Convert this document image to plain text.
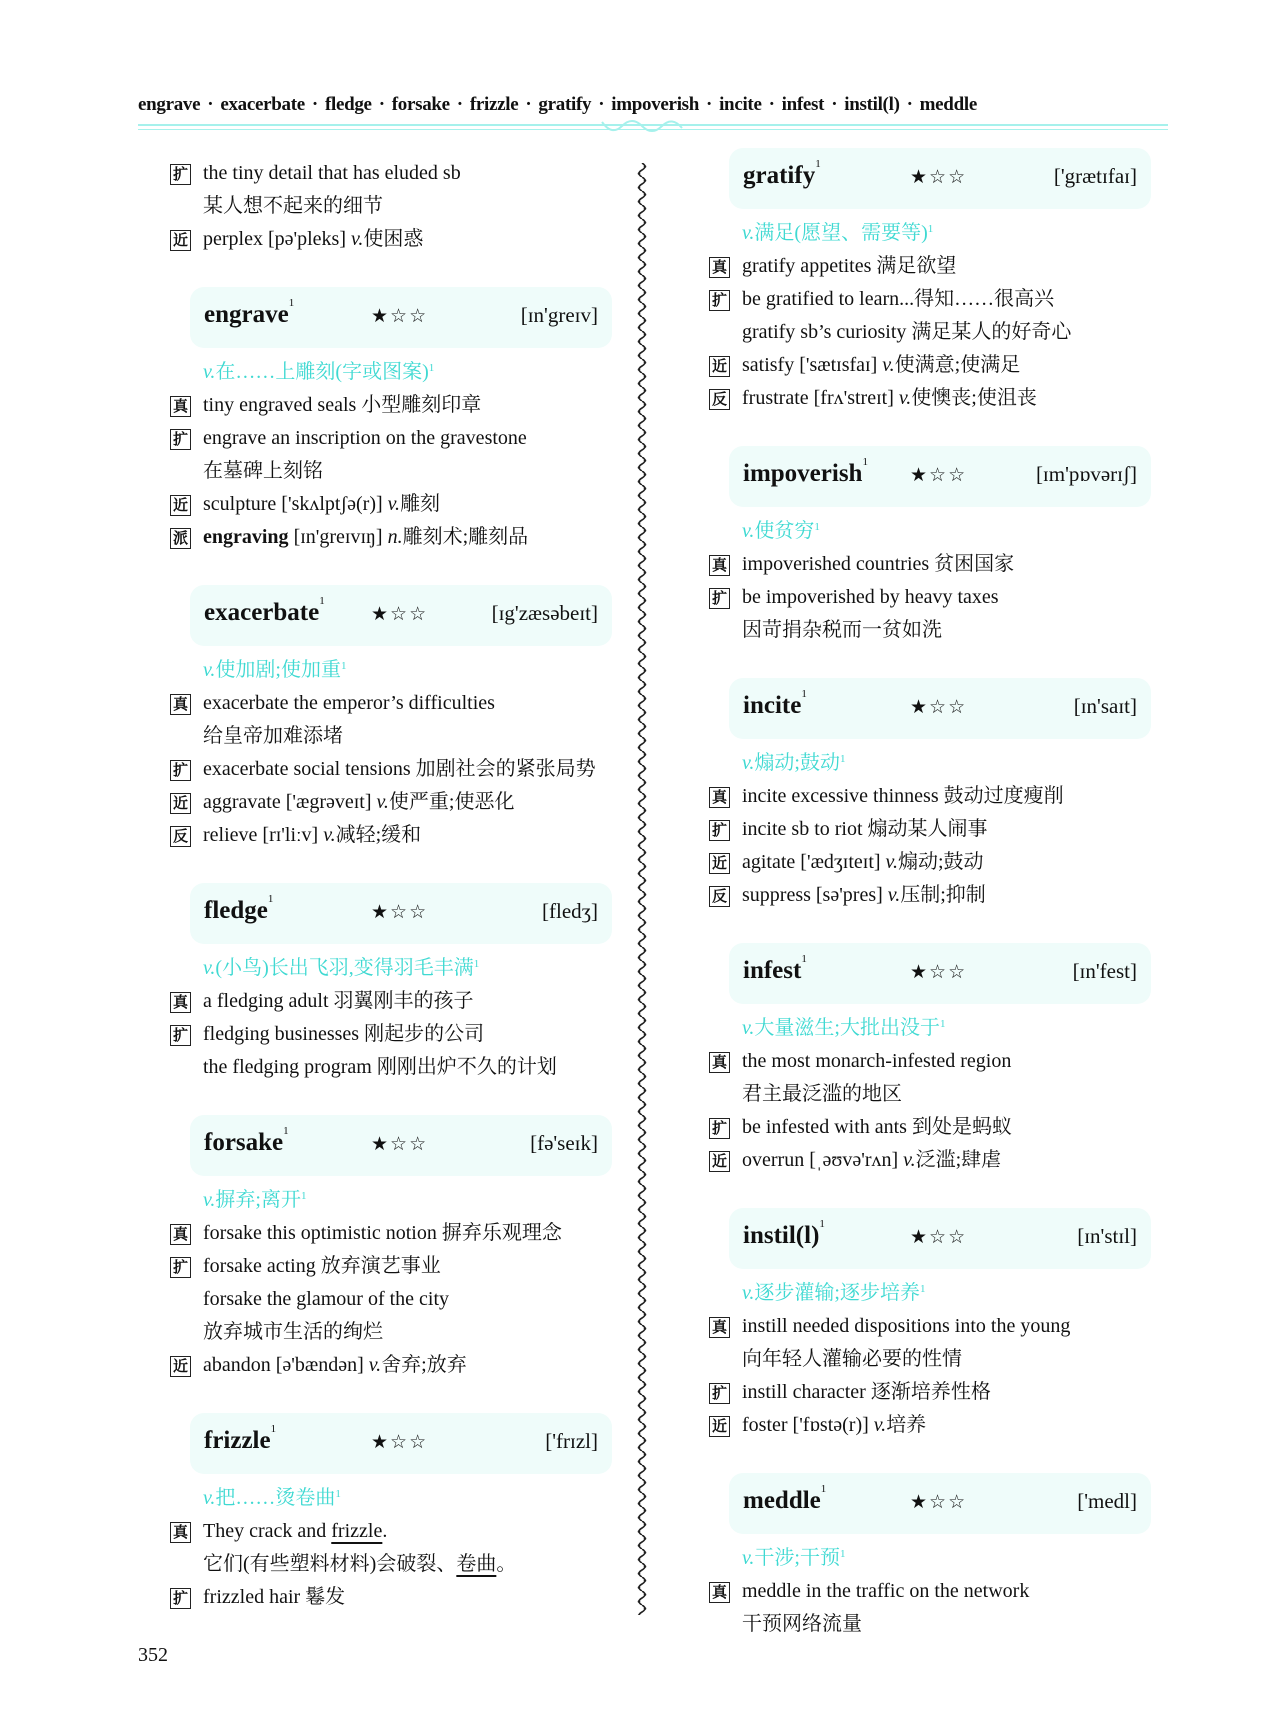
engrave · exacerbate · fledge · forsake · frizzle · gratify · impoverish · incite · infest · instil(l) · meddle
扩 the tiny detail that has eluded sb
某人想不起来的细节
近 perplex [pə'pleks] v.使困惑
engrave$^1$
★☆☆	[ɪn'greɪv]
v.在……上雕刻(字或图案)$^1$
真 tiny engraved seals 小型雕刻印章
扩 engrave an inscription on the gravestone
在墓碑上刻铭
近 sculpture ['skʌlptʃə(r)] v.雕刻
派 engraving [ɪn'greɪvɪŋ] n.雕刻术;雕刻品
exacerbate$^1$
★☆☆	[ɪg'zæsəbeɪt]
v.使加剧;使加重$^1$
真 exacerbate the emperor’s difficulties
给皇帝加难添堵
扩 exacerbate social tensions 加剧社会的紧张局势
近 aggravate ['ægrəveɪt] v.使严重;使恶化
反 relieve [rɪ'liːv] v.减轻;缓和
fledge$^1$
★☆☆	[fledʒ]
v.(小鸟)长出飞羽,变得羽毛丰满$^1$
真 a fledging adult 羽翼刚丰的孩子
扩 fledging businesses 刚起步的公司
the fledging program 刚刚出炉不久的计划
forsake$^1$
★☆☆	[fə'seɪk]
v.摒弃;离开$^1$
真 forsake this optimistic notion 摒弃乐观理念
扩 forsake acting 放弃演艺事业
forsake the glamour of the city
放弃城市生活的绚烂
近 abandon [ə'bændən] v.舍弃;放弃
frizzle$^1$
★☆☆	['frɪzl]
v.把……烫卷曲$^1$
真 They crack and frizzle.
它们(有些塑料材料)会破裂、卷曲。
扩 frizzled hair 鬈发
gratify$^1$
★☆☆	['grætɪfaɪ]
v.满足(愿望、需要等)$^1$
真 gratify appetites 满足欲望
扩 be gratified to learn...得知……很高兴
gratify sb’s curiosity 满足某人的好奇心
近 satisfy ['sætɪsfaɪ] v.使满意;使满足
反 frustrate [frʌ'streɪt] v.使懊丧;使沮丧
impoverish$^1$
★☆☆	[ɪm'pɒvərɪʃ]
v.使贫穷$^1$
真 impoverished countries 贫困国家
扩 be impoverished by heavy taxes
因苛捐杂税而一贫如洗
incite$^1$
★☆☆	[ɪn'saɪt]
v.煽动;鼓动$^1$
真 incite excessive thinness 鼓动过度瘦削
扩 incite sb to riot 煽动某人闹事
近 agitate ['ædʒɪteɪt] v.煽动;鼓动
反 suppress [sə'pres] v.压制;抑制
infest$^1$
★☆☆	[ɪn'fest]
v.大量滋生;大批出没于$^1$
真 the most monarch-infested region
君主最泛滥的地区
扩 be infested with ants 到处是蚂蚁
近 overrun [ˌəʊvə'rʌn] v.泛滥;肆虐
$instil(l)^1$
★☆☆	[ɪn'stɪl]
v.逐步灌输;逐步培养$^1$
真 instill needed dispositions into the young
向年轻人灌输必要的性情
扩 instill character 逐渐培养性格
近 foster ['fɒstə(r)] v.培养
meddle$^1$
★☆☆	['medl]
v.干涉;干预$^1$
真 meddle in the traffic on the network
干预网络流量
352
